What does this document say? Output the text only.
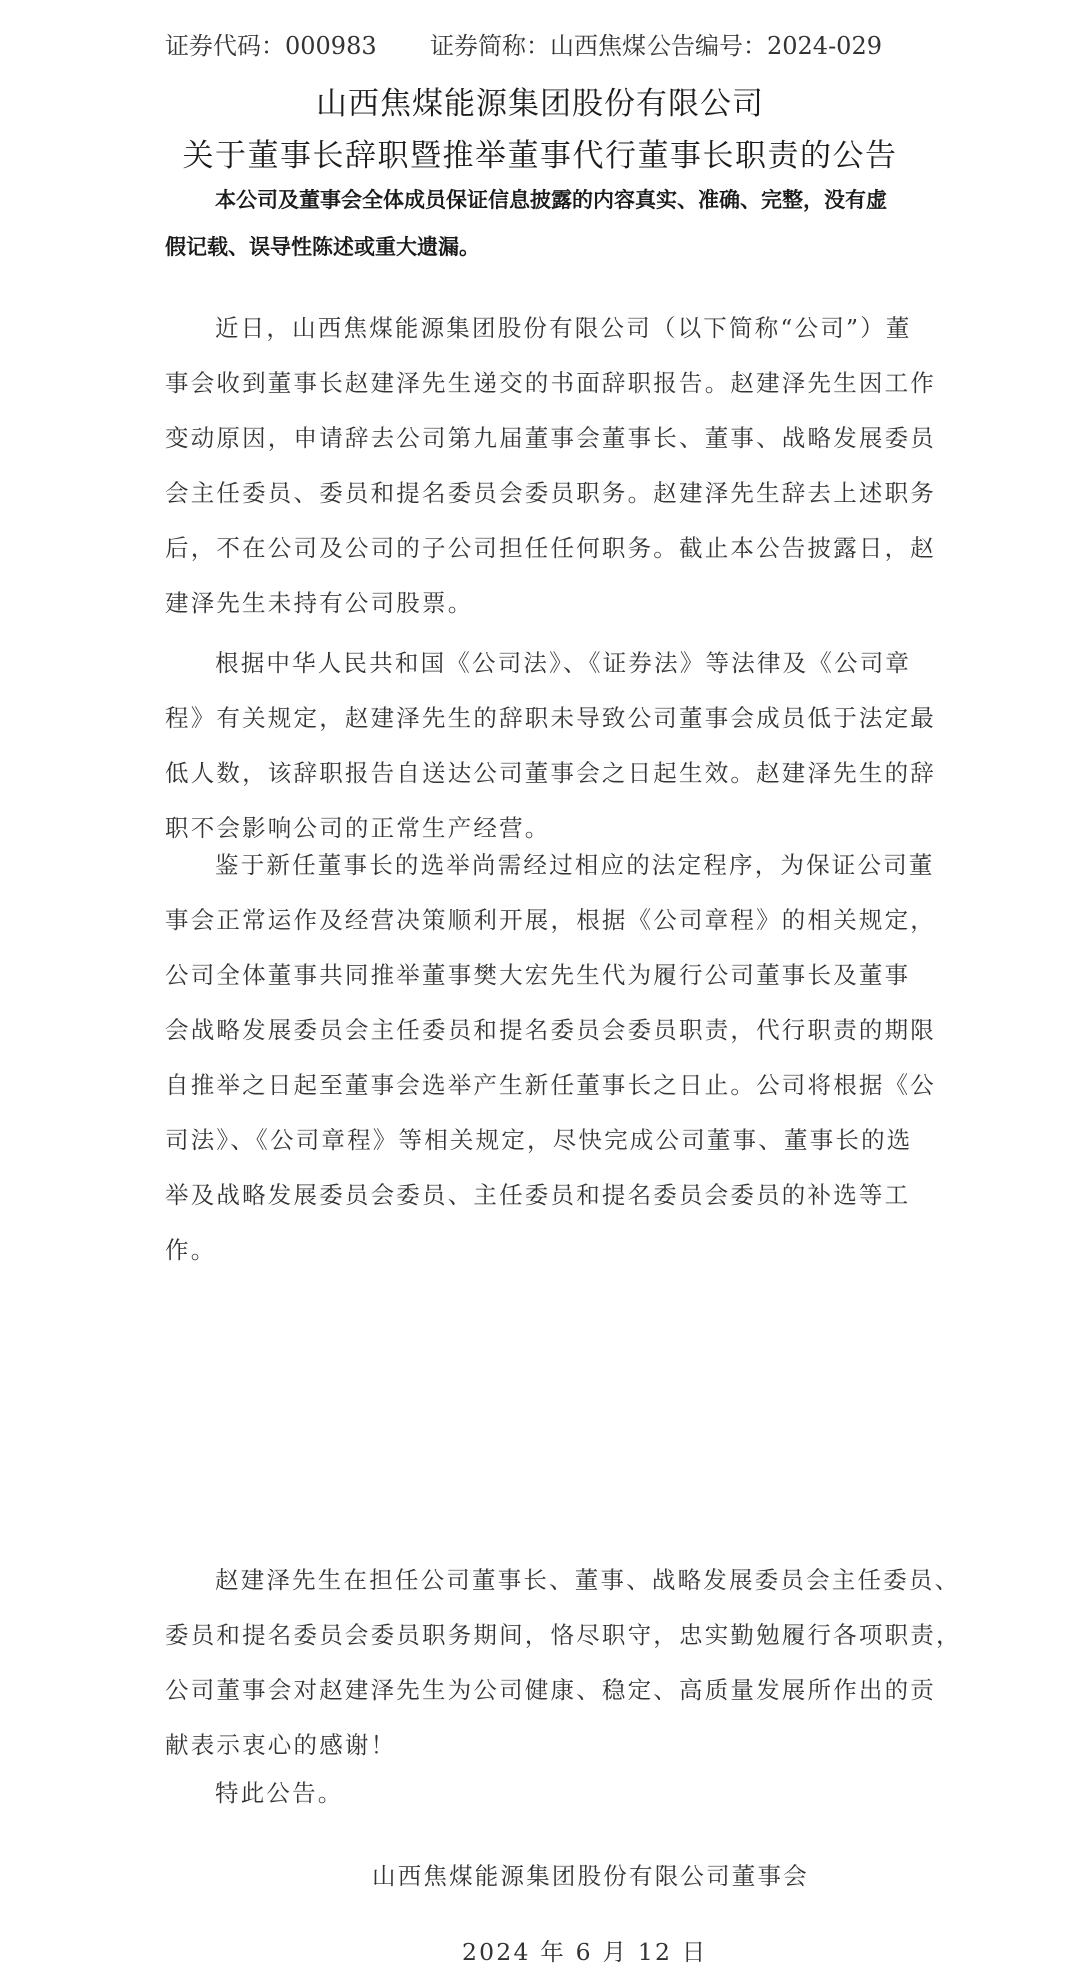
证券代码：000983 证券简称：山西焦煤 公告编号：2024-029
山西焦煤能源集团股份有限公司
关于董事长辞职暨推举董事代行董事长职责的公告
本公司及董事会全体成员保证信息披露的内容真实、准确、完整，没有虚
假记载、误导性陈述或重大遗漏。
近日，山西焦煤能源集团股份有限公司（以下简称“公司”）董
事会收到董事长赵建泽先生递交的书面辞职报告。赵建泽先生因工作
变动原因，申请辞去公司第九届董事会董事长、董事、战略发展委员
会主任委员、委员和提名委员会委员职务。赵建泽先生辞去上述职务
后，不在公司及公司的子公司担任任何职务。截止本公告披露日，赵
建泽先生未持有公司股票。
根据中华人民共和国《公司法》、《证券法》等法律及《公司章
程》有关规定，赵建泽先生的辞职未导致公司董事会成员低于法定最
低人数，该辞职报告自送达公司董事会之日起生效。赵建泽先生的辞
职不会影响公司的正常生产经营。
鉴于新任董事长的选举尚需经过相应的法定程序，为保证公司董
事会正常运作及经营决策顺利开展，根据《公司章程》的相关规定，
公司全体董事共同推举董事樊大宏先生代为履行公司董事长及董事
会战略发展委员会主任委员和提名委员会委员职责，代行职责的期限
自推举之日起至董事会选举产生新任董事长之日止。公司将根据《公
司法》、《公司章程》等相关规定，尽快完成公司董事、董事长的选
举及战略发展委员会委员、主任委员和提名委员会委员的补选等工
作。
赵建泽先生在担任公司董事长、董事、战略发展委员会主任委员、
委员和提名委员会委员职务期间，恪尽职守，忠实勤勉履行各项职责，
公司董事会对赵建泽先生为公司健康、稳定、高质量发展所作出的贡
献表示衷心的感谢！
特此公告。
山西焦煤能源集团股份有限公司董事会
2024 年 6 月 12 日
